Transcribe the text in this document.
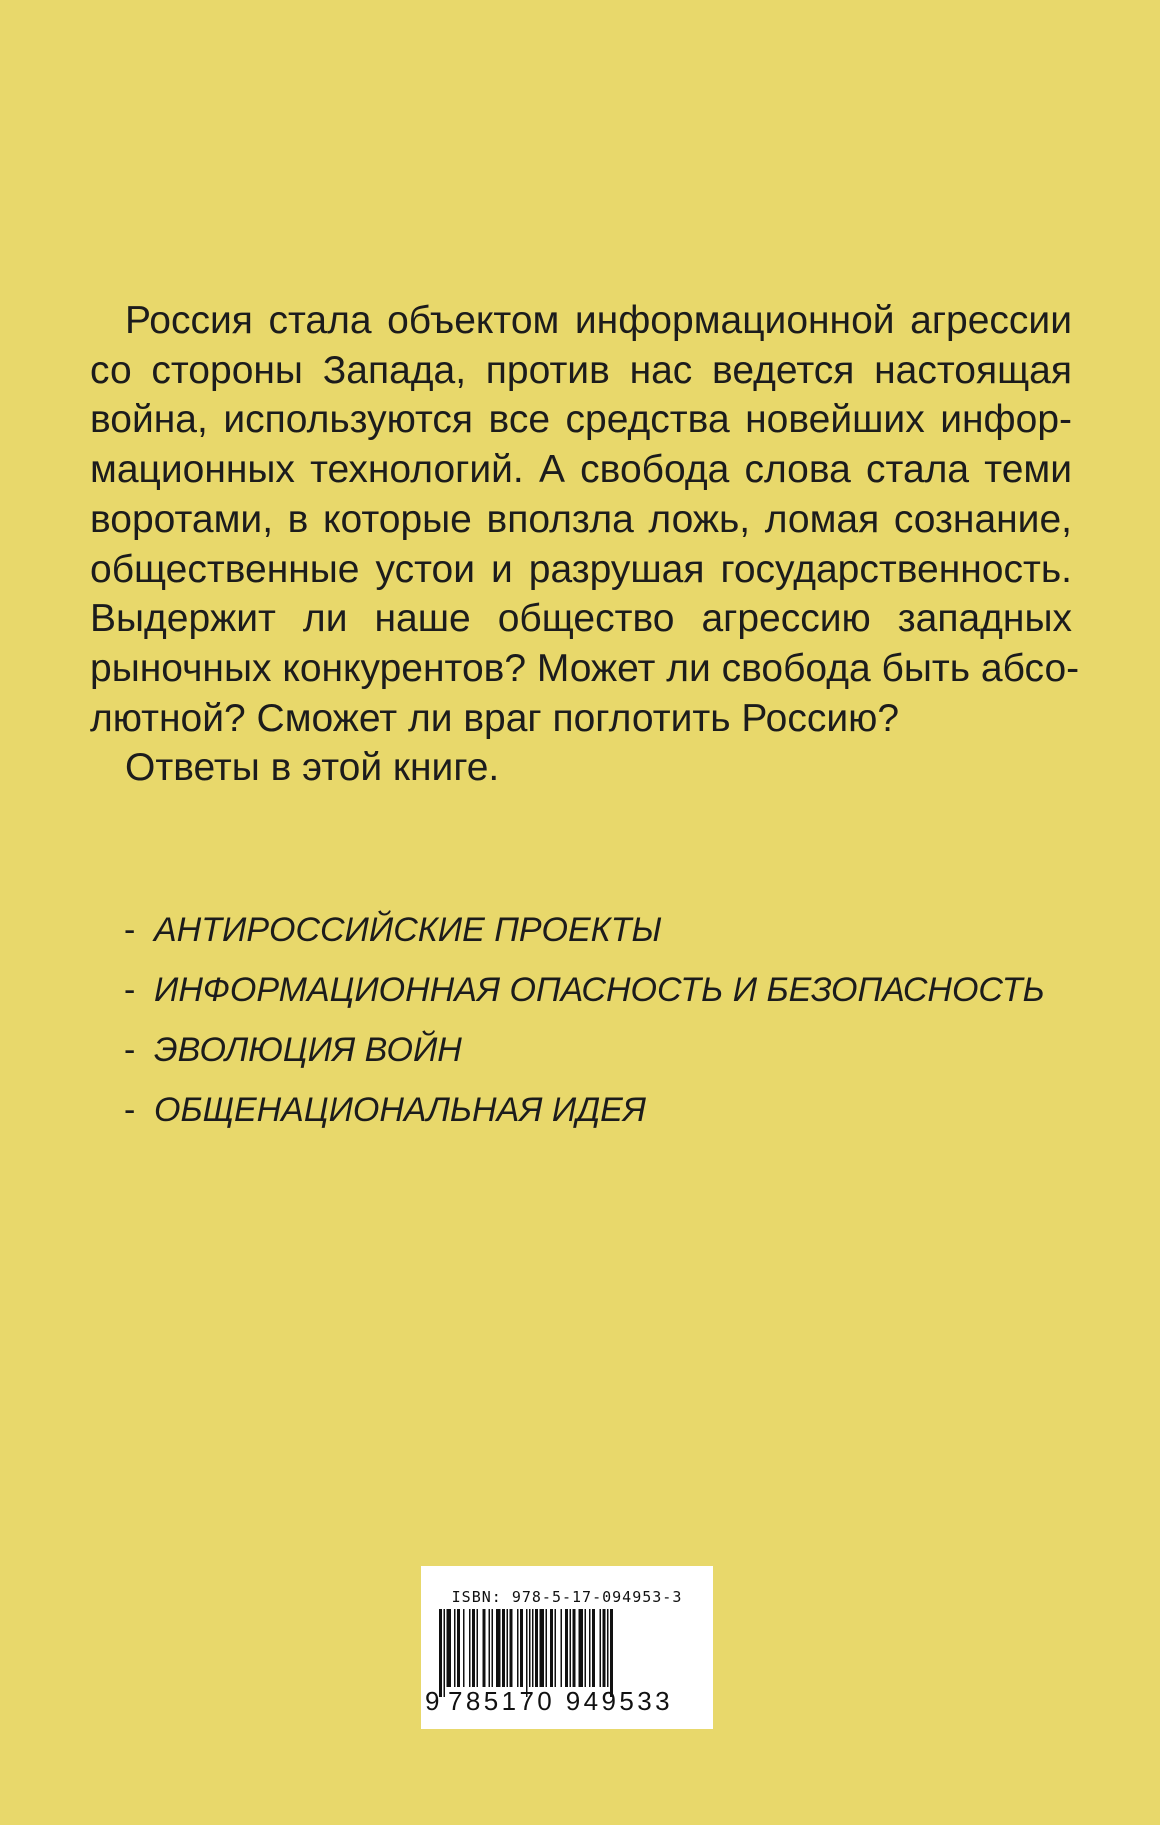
Россия стала объектом информационной агрессии
со стороны Запада, против нас ведется настоящая
война, используются все средства новейших инфор-
мационных технологий. А свобода слова стала теми
воротами, в которые вползла ложь, ломая сознание,
общественные устои и разрушая государственность.
Выдержит ли наше общество агрессию западных
рыночных конкурентов? Может ли свобода быть абсо-
лютной? Сможет ли враг поглотить Россию?

Ответы в этой книге.

- АНТИРОССИЙСКИЕ ПРОЕКТЫ
- ИНФОРМАЦИОННАЯ ОПАСНОСТЬ И БЕЗОПАСНОСТЬ
- ЭВОЛЮЦИЯ ВОЙН
- ОБЩЕНАЦИОНАЛЬНАЯ ИДЕЯ
ISBN: 978-5-17-094953-3
9 785170 949533
